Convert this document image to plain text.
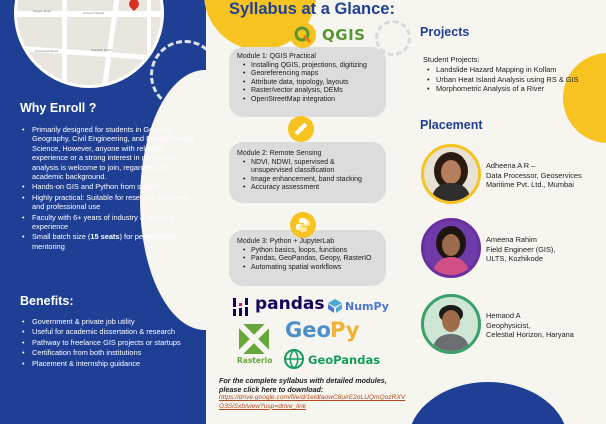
Deepa Road	Ground Street
Unnamed Road	Subbiah Road
Why Enroll ?
• Primarily designed for students in Geology, Geography, Civil Engineering, and Environmental Science, However, anyone with relevant experience or a strong interest in geospatial analysis is welcome to join, regardless of academic background.
• Hands-on GIS and Python from scratch
• Highly practical: Suitable for research, academic, and professional use
• Faculty with 6+ years of industry & teaching experience
• Small batch size (15 seats) for personalized mentoring
Benefits:
• Government & private job utility
• Useful for academic dissertation & research
• Pathway to freelance GIS projects or startups
• Certification from both institutions
• Placement & internship guidance
Syllabus at a Glance:
Module 1: QGIS Practical
• Installing QGIS, projections, digitizing
• Georeferencing maps
• Attribute data, topology, layouts
• Raster/vector analysis, DEMs
• OpenStreetMap integration
QGIS
Module 2: Remote Sensing
• NDVI, NDWI, supervised & unsupervised classification
• Image enhancement, band stacking
• Accuracy assessment
Module 3: Python + JupyterLab
• Python basics, loops, functions
• Pandas, GeoPandas, Geopy, RasterIO
• Automating spatial workflows
pandas NumPy
Rasterio
Geo Py
GeoPandas
For the complete syllabus with detailed modules, please click here to download:
https://drive.google.com/file/d/1eldtaowC8uirE2oLUQmQozRXVG3SiSxb/view?usp=drive_link
Projects
Student Projects:
• Landslide Hazard Mapping in Kollam
• Urban Heat Island Analysis using RS & GIS
• Morphometric Analysis of a River
Placement
Adheena A R –
Data Processor, Geoservices
Maritime Pvt. Ltd., Mumbai
Ameena Rahim
Field Engineer (GIS),
ULTS, Kozhikode
Hemand A
Geophysicist,
Celestial Horizon, Haryana
